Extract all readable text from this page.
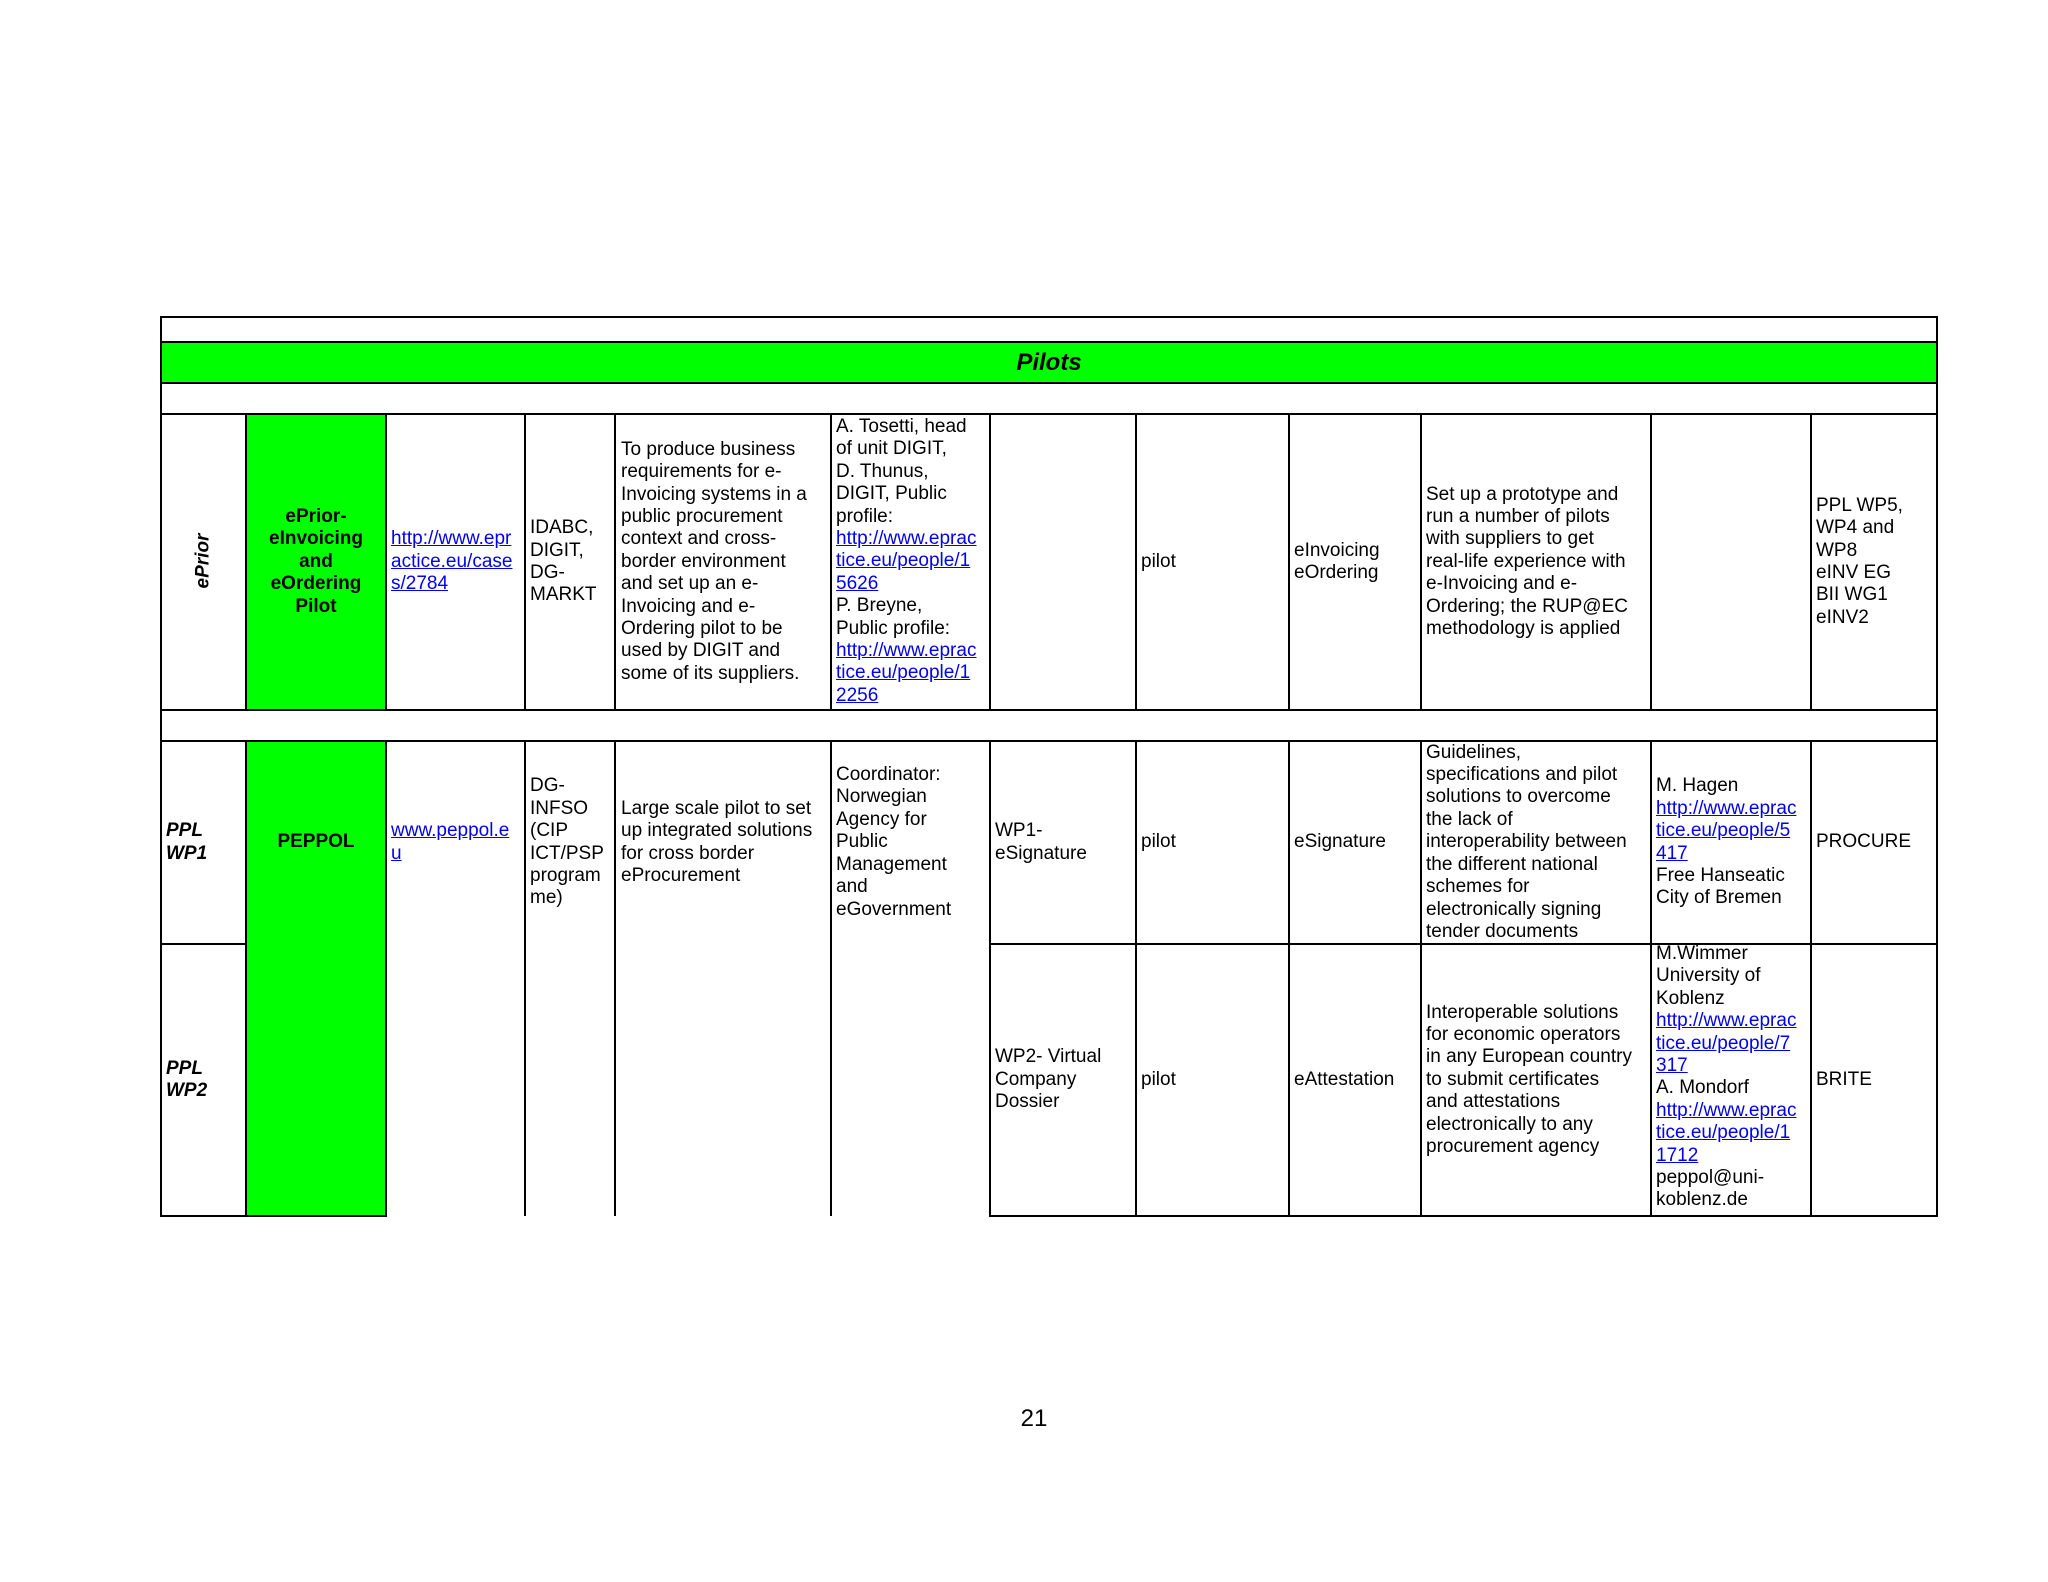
Pilots
ePrior
ePrior-
eInvoicing
and
eOrdering
Pilot
http://www.epr
actice.eu/case
s/2784
IDABC,
DIGIT,
DG-
MARKT
To produce business
requirements for e-
Invoicing systems in a
public procurement
context and cross-
border environment
and set up an e-
Invoicing and e-
Ordering pilot to be
used by DIGIT and
some of its suppliers.
A. Tosetti, head
of unit DIGIT,
D. Thunus,
DIGIT, Public
profile:
http://www.eprac
tice.eu/people/1
5626
P. Breyne,
Public profile:
http://www.eprac
tice.eu/people/1
2256
pilot
eInvoicing
eOrdering
Set up a prototype and
run a number of pilots
with suppliers to get
real-life experience with
e-Invoicing and e-
Ordering; the RUP@EC
methodology is applied
PPL WP5,
WP4 and
WP8
eINV EG
BII WG1
eINV2
PPL
WP1
PPL
WP2
PEPPOL
www.peppol.e
u
DG-
INFSO
(CIP
ICT/PSP
program
me)
Large scale pilot to set
up integrated solutions
for cross border
eProcurement
Coordinator:
Norwegian
Agency for
Public
Management
and
eGovernment
WP1-
eSignature
pilot	eSignature
Guidelines,
specifications and pilot
solutions to overcome
the lack of
interoperability between
the different national
schemes for
electronically signing
tender documents
M. Hagen
http://www.eprac
tice.eu/people/5
417
Free Hanseatic
City of Bremen
PROCURE
WP2- Virtual
Company
Dossier
pilot	eAttestation
Interoperable solutions
for economic operators
in any European country
to submit certificates
and attestations
electronically to any
procurement agency
M.Wimmer
University of
Koblenz
http://www.eprac
tice.eu/people/7
317
A. Mondorf
http://www.eprac
tice.eu/people/1
1712
peppol@uni-
koblenz.de
BRITE
21
